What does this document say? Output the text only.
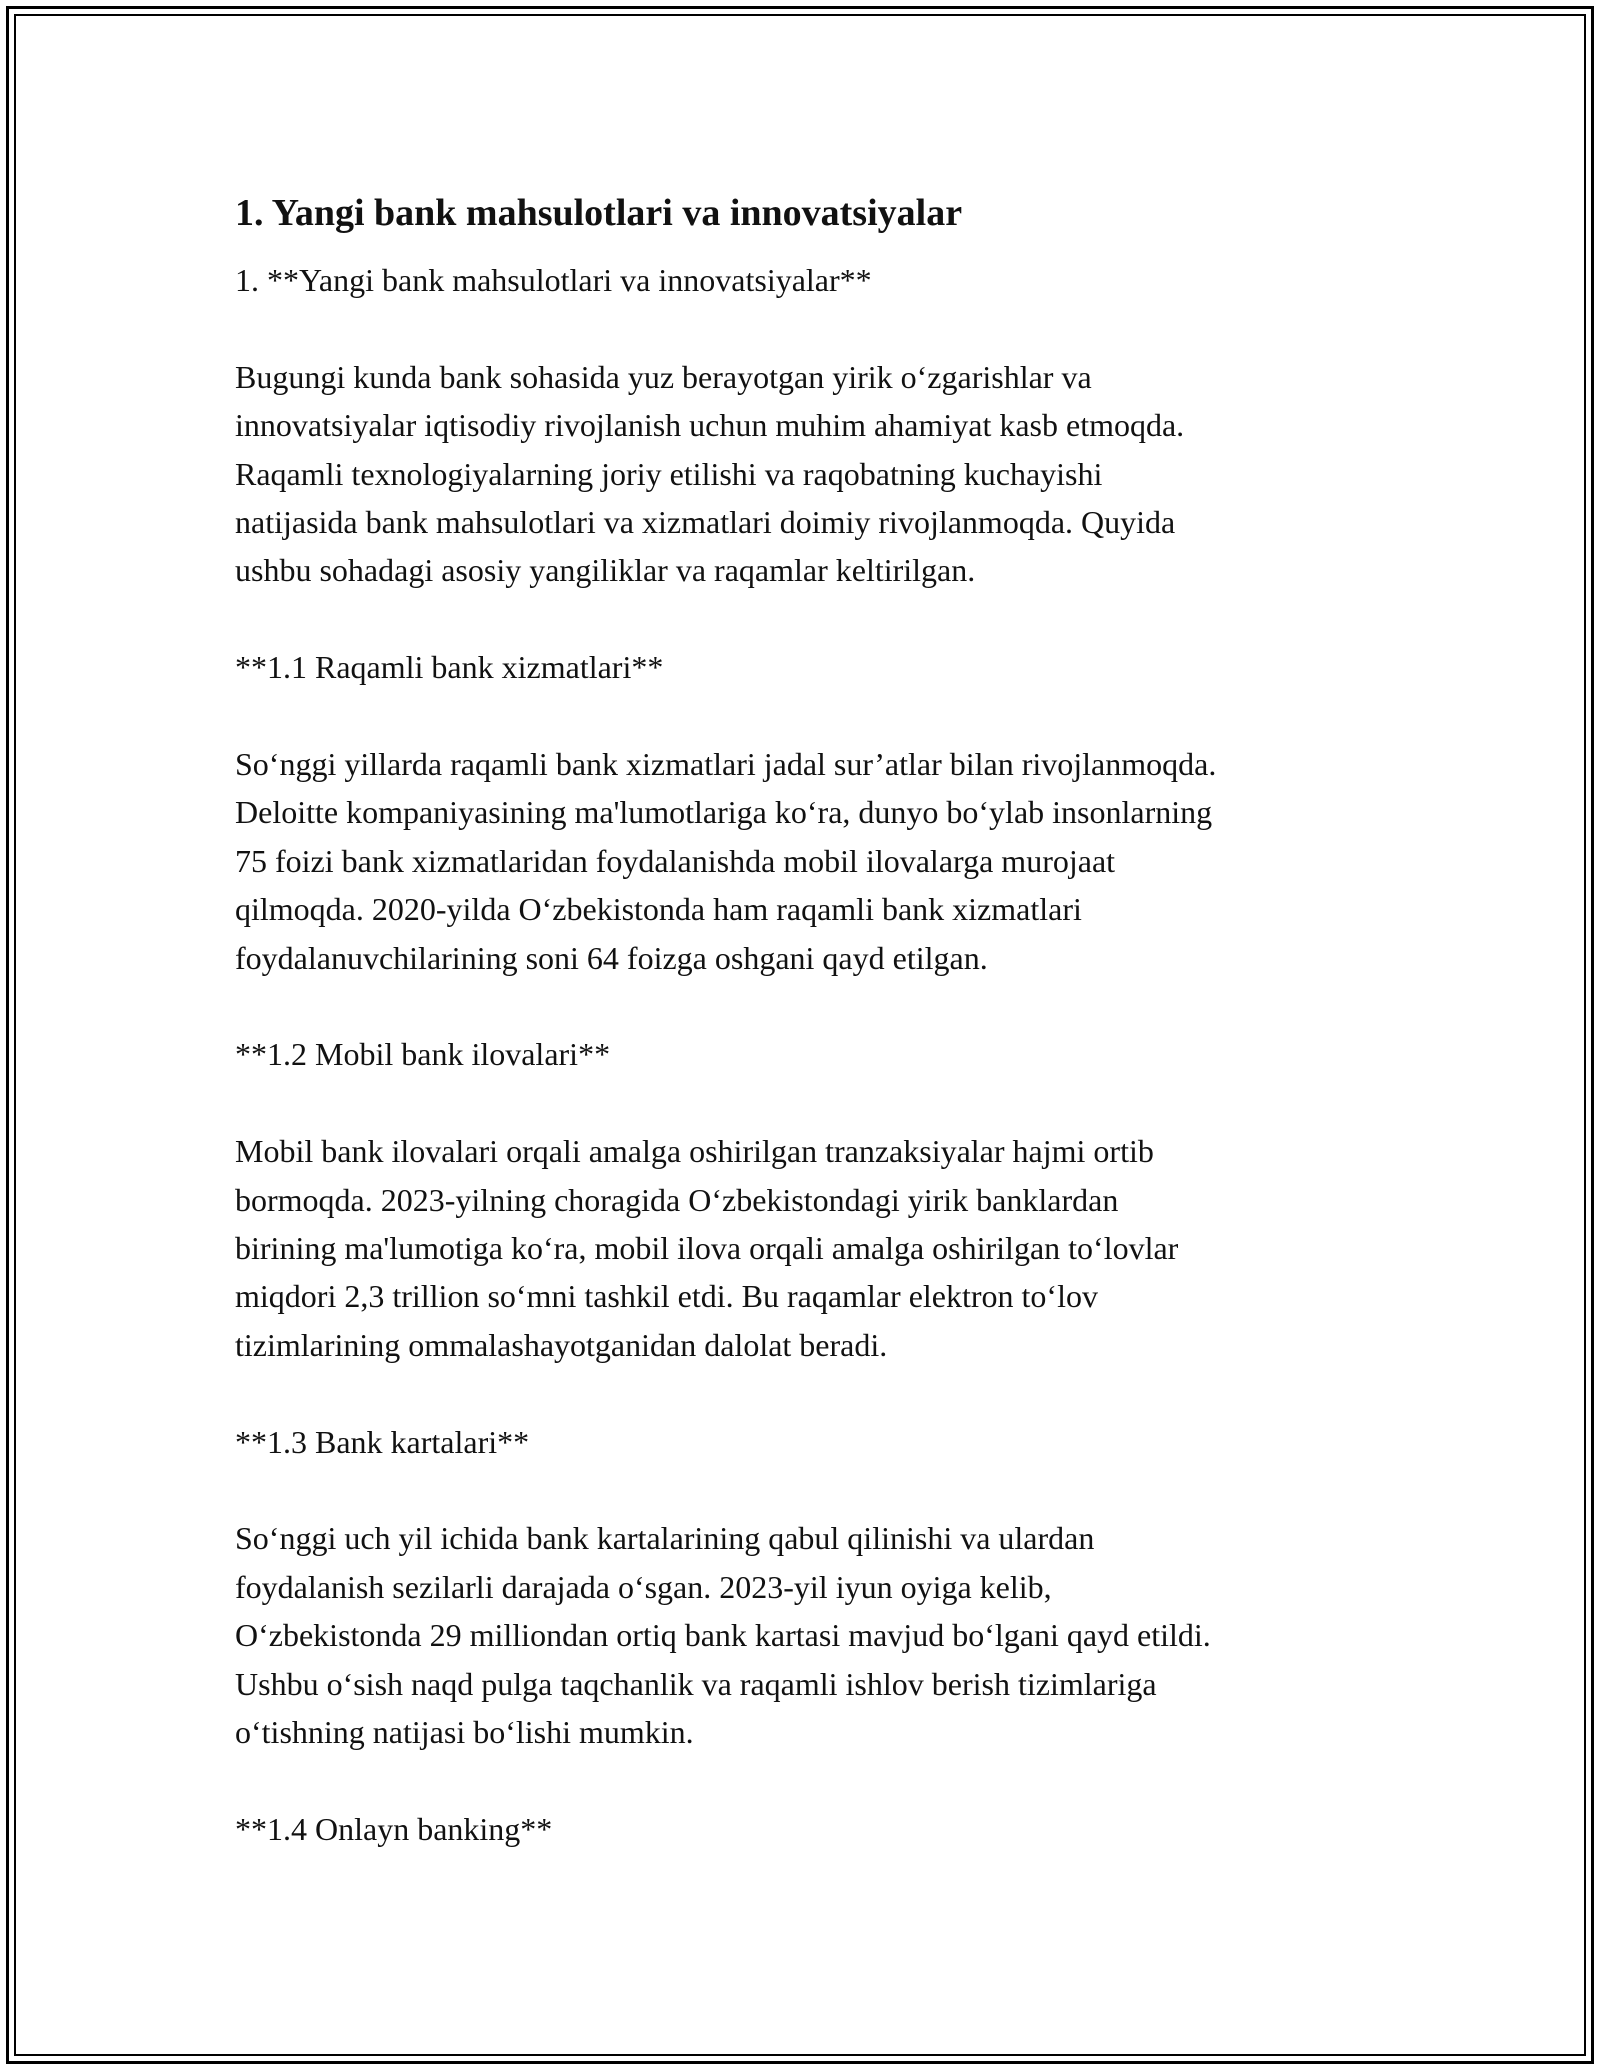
1. Yangi bank mahsulotlari va innovatsiyalar

1. **Yangi bank mahsulotlari va innovatsiyalar**

Bugungi kunda bank sohasida yuz berayotgan yirik o‘zgarishlar va

innovatsiyalar iqtisodiy rivojlanish uchun muhim ahamiyat kasb etmoqda.

Raqamli texnologiyalarning joriy etilishi va raqobatning kuchayishi

natijasida bank mahsulotlari va xizmatlari doimiy rivojlanmoqda. Quyida

ushbu sohadagi asosiy yangiliklar va raqamlar keltirilgan.

**1.1 Raqamli bank xizmatlari**

So‘nggi yillarda raqamli bank xizmatlari jadal sur’atlar bilan rivojlanmoqda.

Deloitte kompaniyasining ma'lumotlariga ko‘ra, dunyo bo‘ylab insonlarning

75 foizi bank xizmatlaridan foydalanishda mobil ilovalarga murojaat

qilmoqda. 2020-yilda O‘zbekistonda ham raqamli bank xizmatlari

foydalanuvchilarining soni 64 foizga oshgani qayd etilgan.

**1.2 Mobil bank ilovalari**

Mobil bank ilovalari orqali amalga oshirilgan tranzaksiyalar hajmi ortib

bormoqda. 2023-yilning choragida O‘zbekistondagi yirik banklardan

birining ma'lumotiga ko‘ra, mobil ilova orqali amalga oshirilgan to‘lovlar

miqdori 2,3 trillion so‘mni tashkil etdi. Bu raqamlar elektron to‘lov

tizimlarining ommalashayotganidan dalolat beradi.

**1.3 Bank kartalari**

So‘nggi uch yil ichida bank kartalarining qabul qilinishi va ulardan

foydalanish sezilarli darajada o‘sgan. 2023-yil iyun oyiga kelib,

O‘zbekistonda 29 milliondan ortiq bank kartasi mavjud bo‘lgani qayd etildi.

Ushbu o‘sish naqd pulga taqchanlik va raqamli ishlov berish tizimlariga

o‘tishning natijasi bo‘lishi mumkin.

**1.4 Onlayn banking**
